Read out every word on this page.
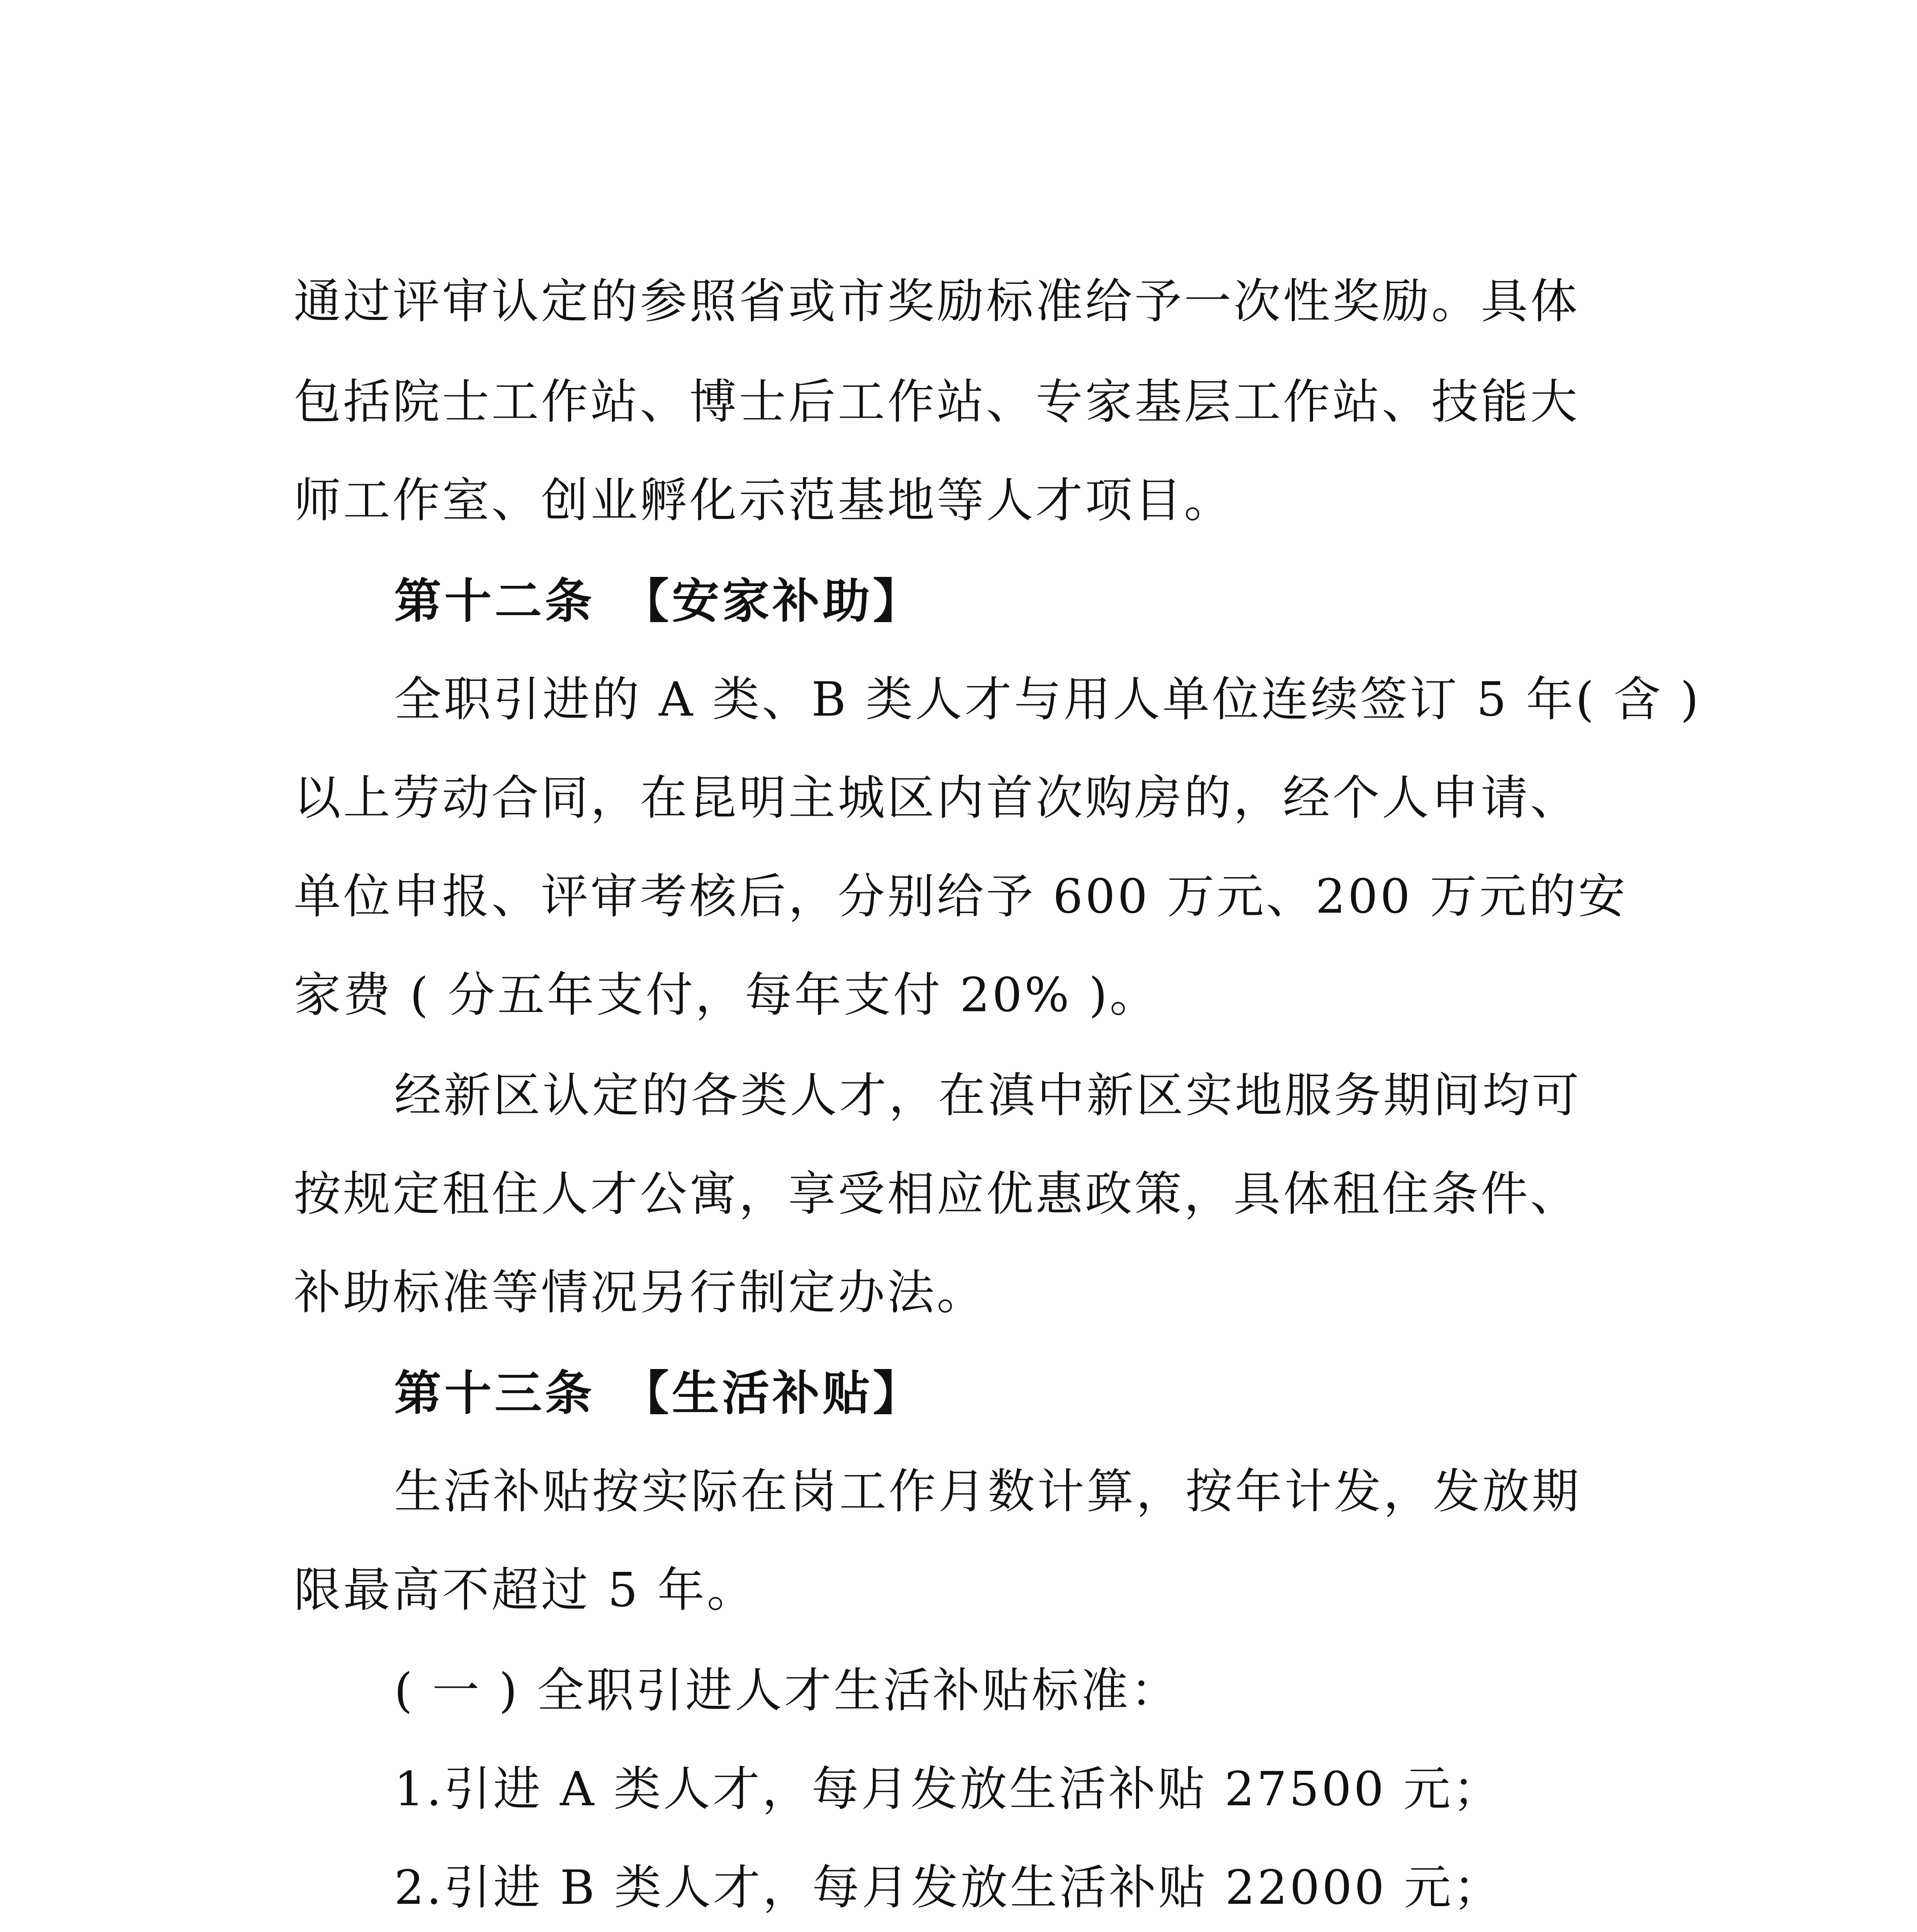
通过评审认定的参照省或市奖励标准给予一次性奖励。具体
包括院士工作站、博士后工作站、专家基层工作站、技能大
师工作室、创业孵化示范基地等人才项目。
第十二条　【安家补助】
全职引进的 A 类、B 类人才与用人单位连续签订 5 年( 含 )
以上劳动合同，在昆明主城区内首次购房的，经个人申请、
单位申报、评审考核后，分别给予 600 万元、200 万元的安
家费 ( 分五年支付，每年支付 20% )。
经新区认定的各类人才，在滇中新区实地服务期间均可
按规定租住人才公寓，享受相应优惠政策，具体租住条件、
补助标准等情况另行制定办法。
第十三条　【生活补贴】
生活补贴按实际在岗工作月数计算，按年计发，发放期
限最高不超过 5 年。
( 一 ) 全职引进人才生活补贴标准：
1.引进 A 类人才，每月发放生活补贴 27500 元；
2.引进 B 类人才，每月发放生活补贴 22000 元；
